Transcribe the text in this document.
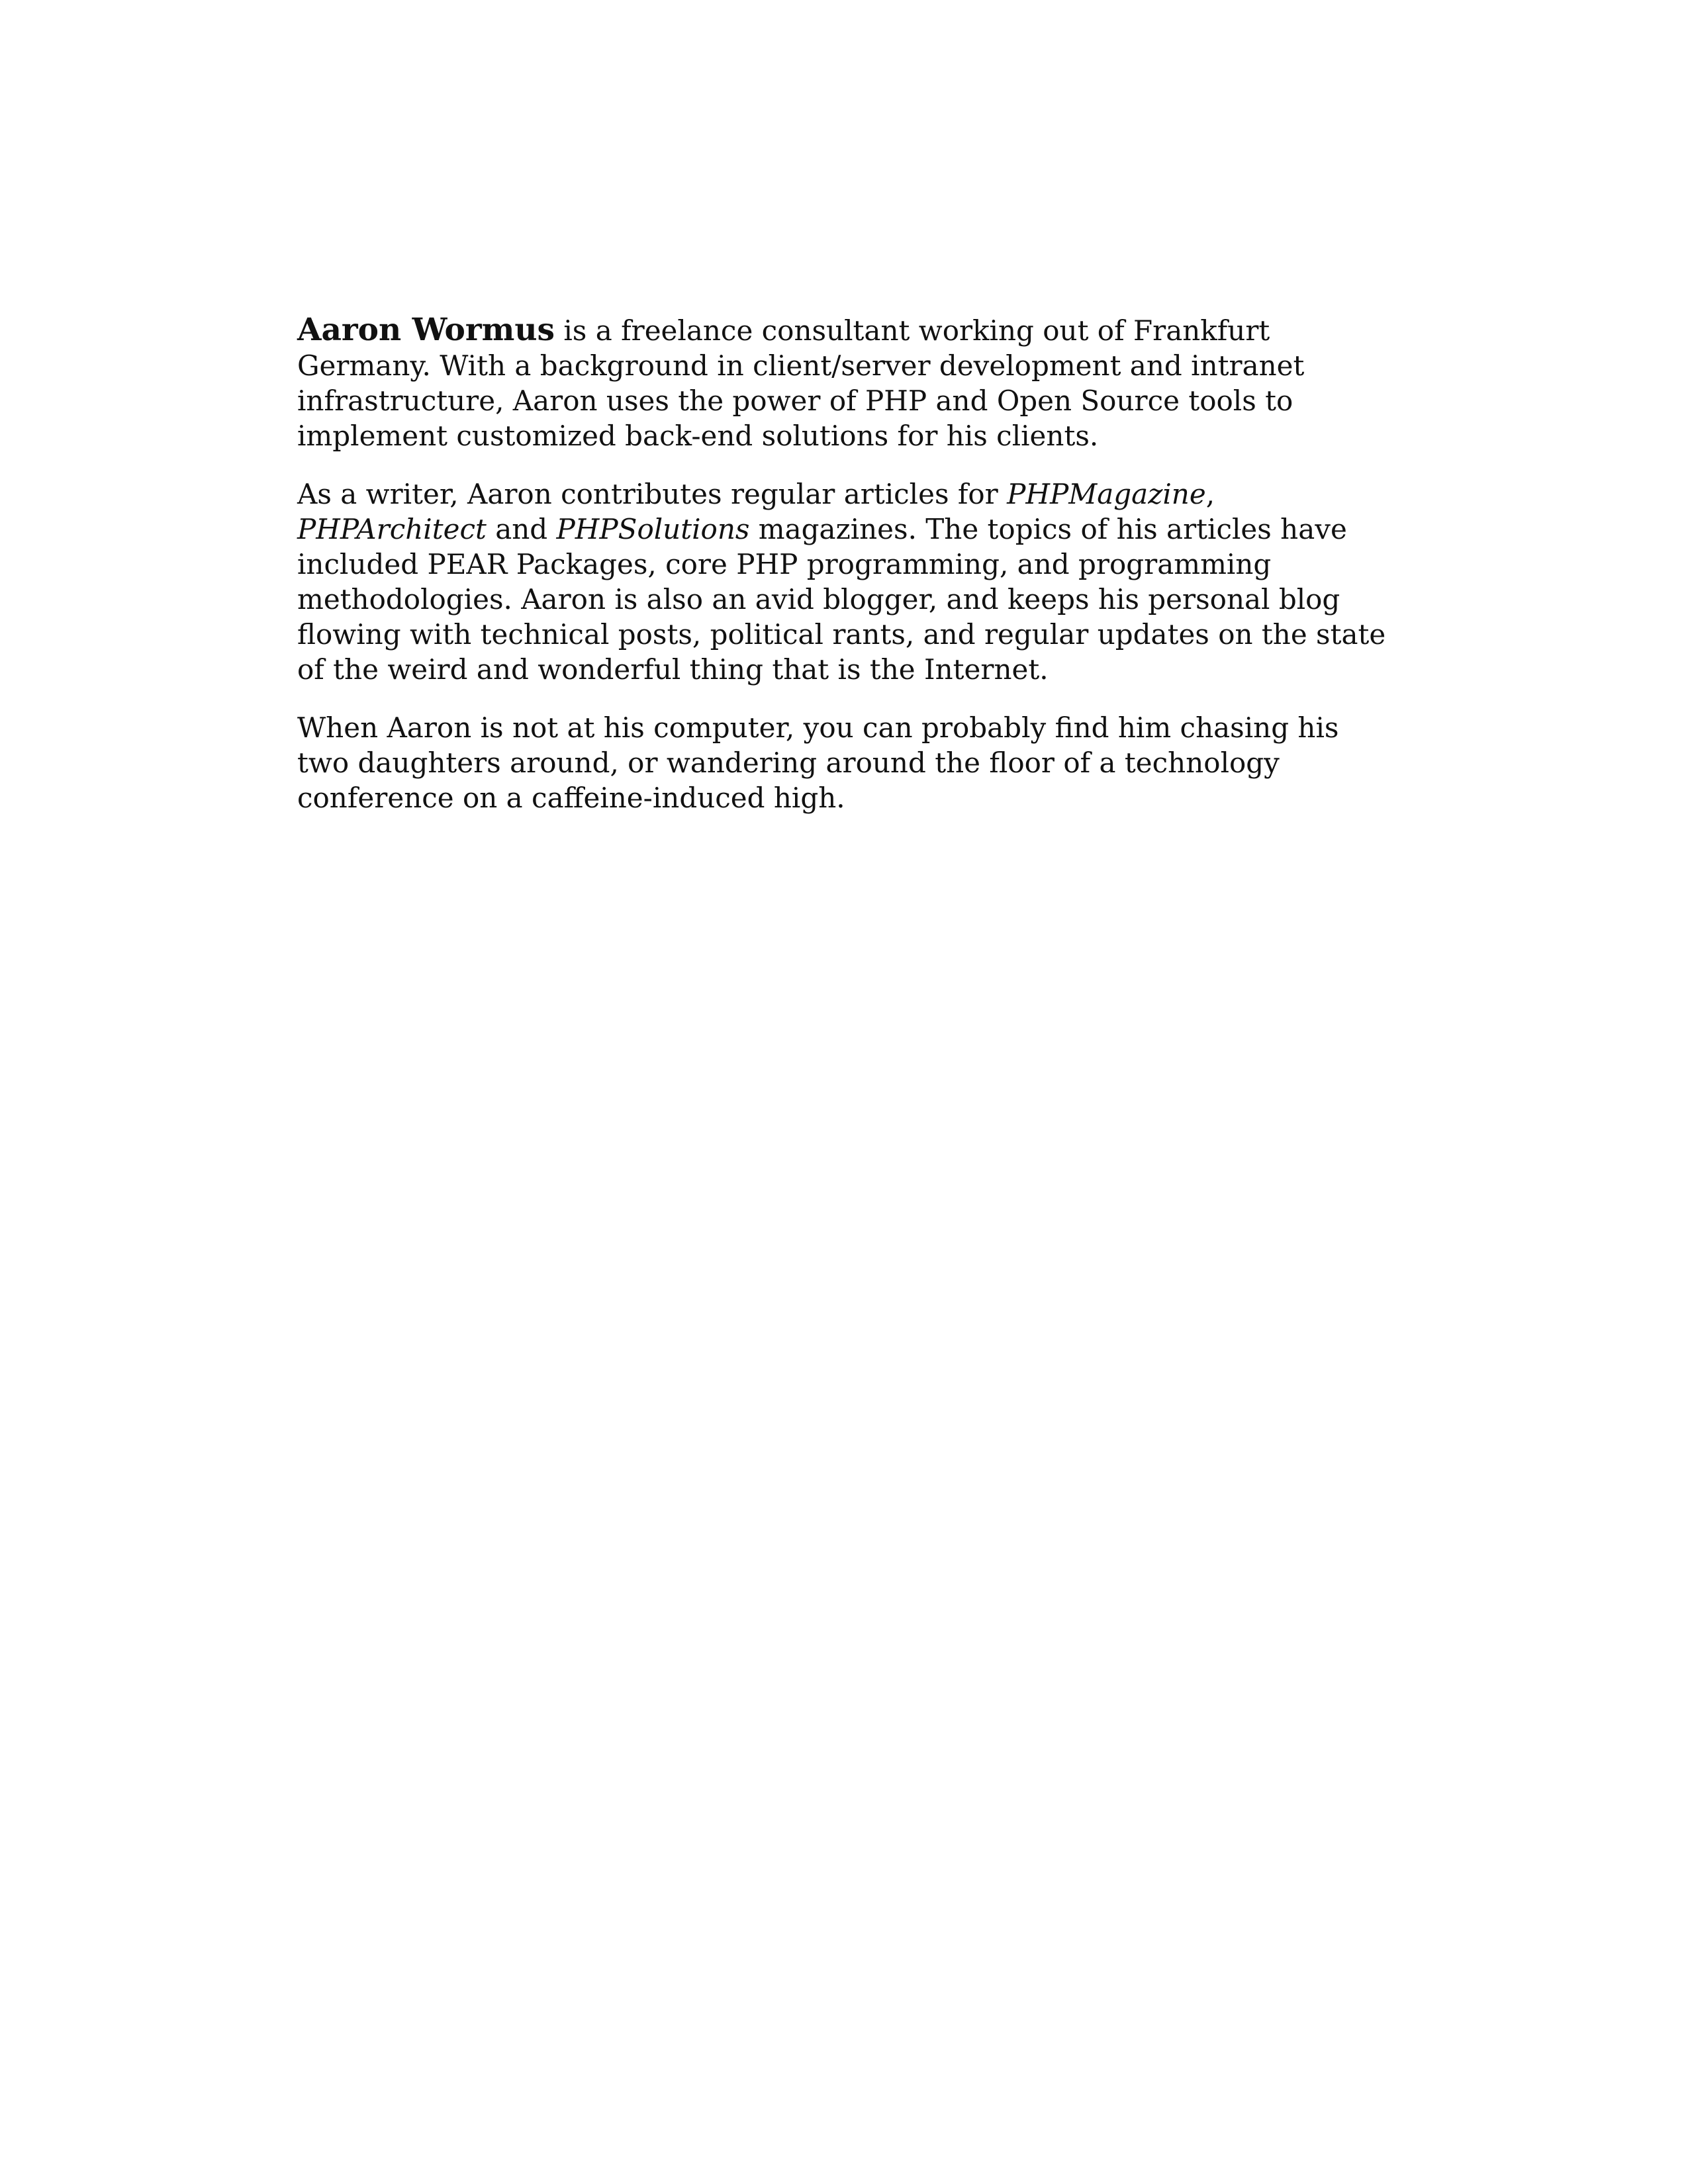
Aaron Wormus is a freelance consultant working out of Frankfurt Germany. With a background in client/server development and intranet infrastructure, Aaron uses the power of PHP and Open Source tools to implement customized back-end solutions for his clients.

As a writer, Aaron contributes regular articles for PHPMagazine, PHPArchitect and PHPSolutions magazines. The topics of his articles have included PEAR Packages, core PHP programming, and programming methodologies. Aaron is also an avid blogger, and keeps his personal blog flowing with technical posts, political rants, and regular updates on the state of the weird and wonderful thing that is the Internet.

When Aaron is not at his computer, you can probably find him chasing his two daughters around, or wandering around the floor of a technology conference on a caffeine-induced high.
